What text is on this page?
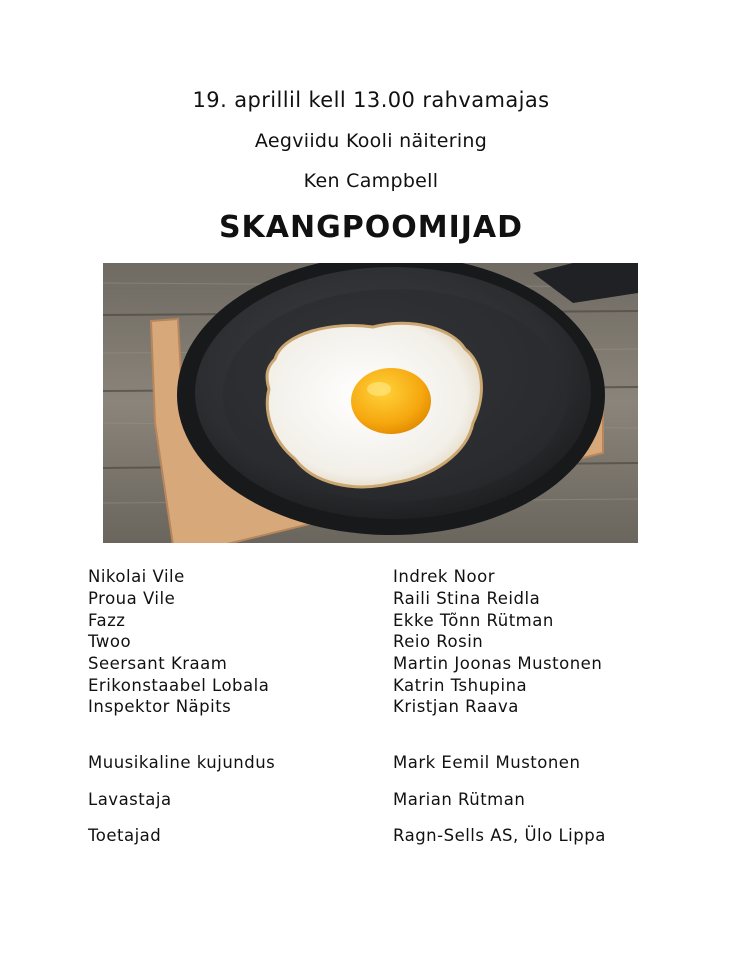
19. aprillil kell 13.00 rahvamajas

Aegviidu Kooli näitering

Ken Campbell

SKANGPOOMIJAD
Nikolai Vile	Indrek Noor
Proua Vile	Raili Stina Reidla
Fazz	Ekke Tõnn Rütman
Twoo	Reio Rosin
Seersant Kraam	Martin Joonas Mustonen
Erikonstaabel Lobala	Katrin Tshupina
Inspektor Näpits	Kristjan Raava
Muusikaline kujundus	Mark Eemil Mustonen
Lavastaja	Marian Rütman
Toetajad	Ragn-Sells AS, Ülo Lippa
